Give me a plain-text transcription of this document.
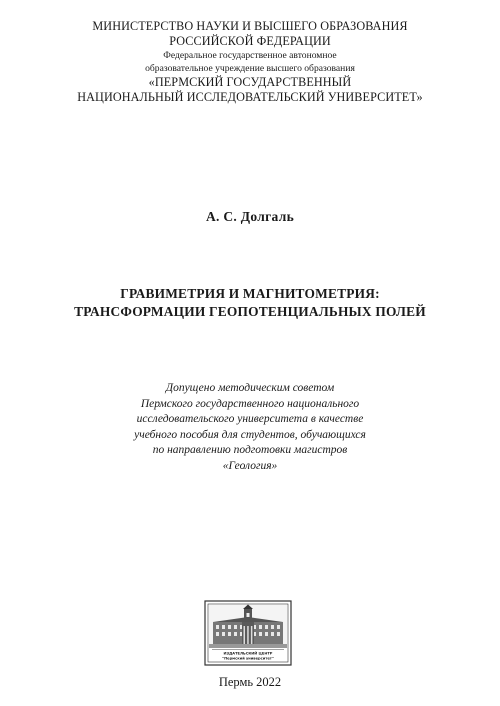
МИНИСТЕРСТВО НАУКИ И ВЫСШЕГО ОБРАЗОВАНИЯ
РОССИЙСКОЙ ФЕДЕРАЦИИ
Федеральное государственное автономное
образовательное учреждение высшего образования
«ПЕРМСКИЙ ГОСУДАРСТВЕННЫЙ
НАЦИОНАЛЬНЫЙ ИССЛЕДОВАТЕЛЬСКИЙ УНИВЕРСИТЕТ»
А. С. Долгаль
ГРАВИМЕТРИЯ И МАГНИТОМЕТРИЯ:
ТРАНСФОРМАЦИИ ГЕОПОТЕНЦИАЛЬНЫХ ПОЛЕЙ
Допущено методическим советом
Пермского государственного национального
исследовательского университета в качестве
учебного пособия для студентов, обучающихся
по направлению подготовки магистров
«Геология»
ИЗДАТЕЛЬСКИЙ ЦЕНТР
"Пермский университет"
Пермь 2022
